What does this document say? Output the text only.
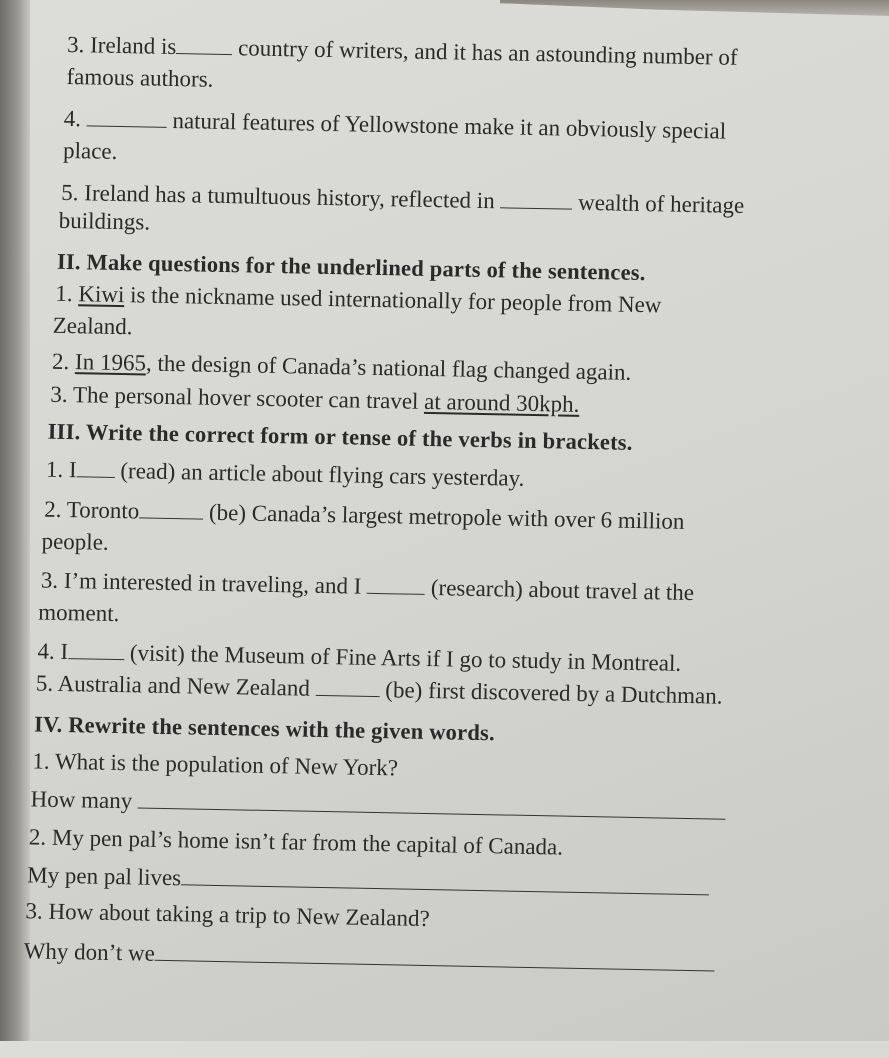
3. Ireland is country of writers, and it has an astounding number of

famous authors.

4.	natural features of Yellowstone make it an obviously special

place.

5. Ireland has a tumultuous history, reflected in	wealth of heritage

buildings.

II. Make questions for the underlined parts of the sentences.

1. Kiwi is the nickname used internationally for people from New

Zealand.

2. In 1965, the design of Canada’s national flag changed again.

3. The personal hover scooter can travel at around 30kph.

III. Write the correct form or tense of the verbs in brackets.

1. I (read) an article about flying cars yesterday.

2. Toronto	(be) Canada’s largest metropole with over 6 million

people.

3. I’m interested in traveling, and I	(research) about travel at the

moment.

4. I (visit) the Museum of Fine Arts if I go to study in Montreal.

5. Australia and New Zealand	(be) first discovered by a Dutchman.

IV. Rewrite the sentences with the given words.

1. What is the population of New York?

How many

2. My pen pal’s home isn’t far from the capital of Canada.

My pen pal lives

3. How about taking a trip to New Zealand?

Why don’t we
